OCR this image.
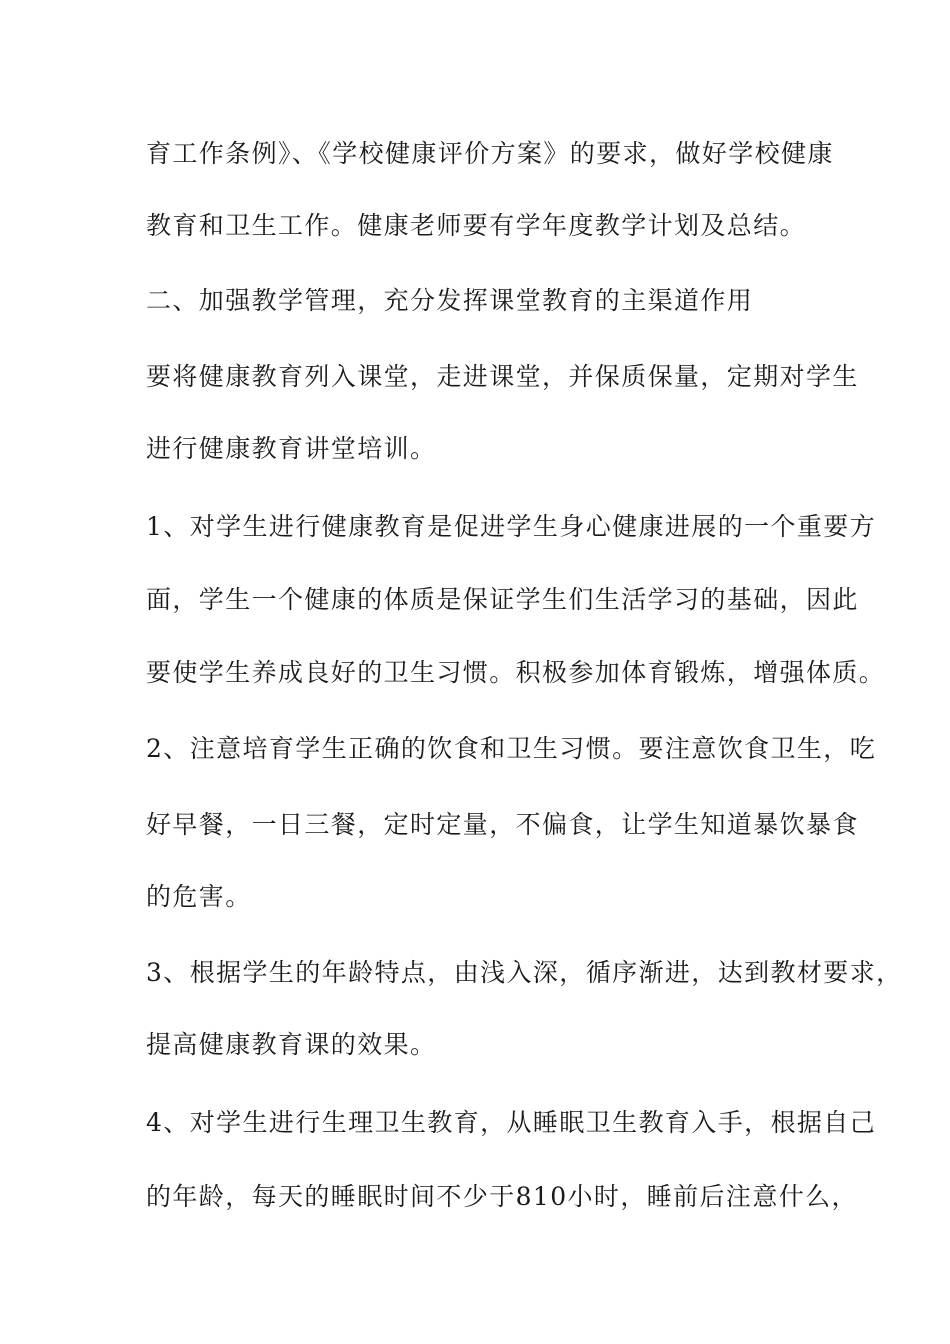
育工作条例》、《学校健康评价方案》的要求，做好学校健康
教育和卫生工作。健康老师要有学年度教学计划及总结。
二、加强教学管理，充分发挥课堂教育的主渠道作用
要将健康教育列入课堂，走进课堂，并保质保量，定期对学生
进行健康教育讲堂培训。
1、对学生进行健康教育是促进学生身心健康进展的一个重要方
面，学生一个健康的体质是保证学生们生活学习的基础，因此
要使学生养成良好的卫生习惯。积极参加体育锻炼，增强体质。
2、注意培育学生正确的饮食和卫生习惯。要注意饮食卫生，吃
好早餐，一日三餐，定时定量，不偏食，让学生知道暴饮暴食
的危害。
3、根据学生的年龄特点，由浅入深，循序渐进，达到教材要求，
提高健康教育课的效果。
4、对学生进行生理卫生教育，从睡眠卫生教育入手，根据自己
的年龄，每天的睡眠时间不少于810小时，睡前后注意什么，
